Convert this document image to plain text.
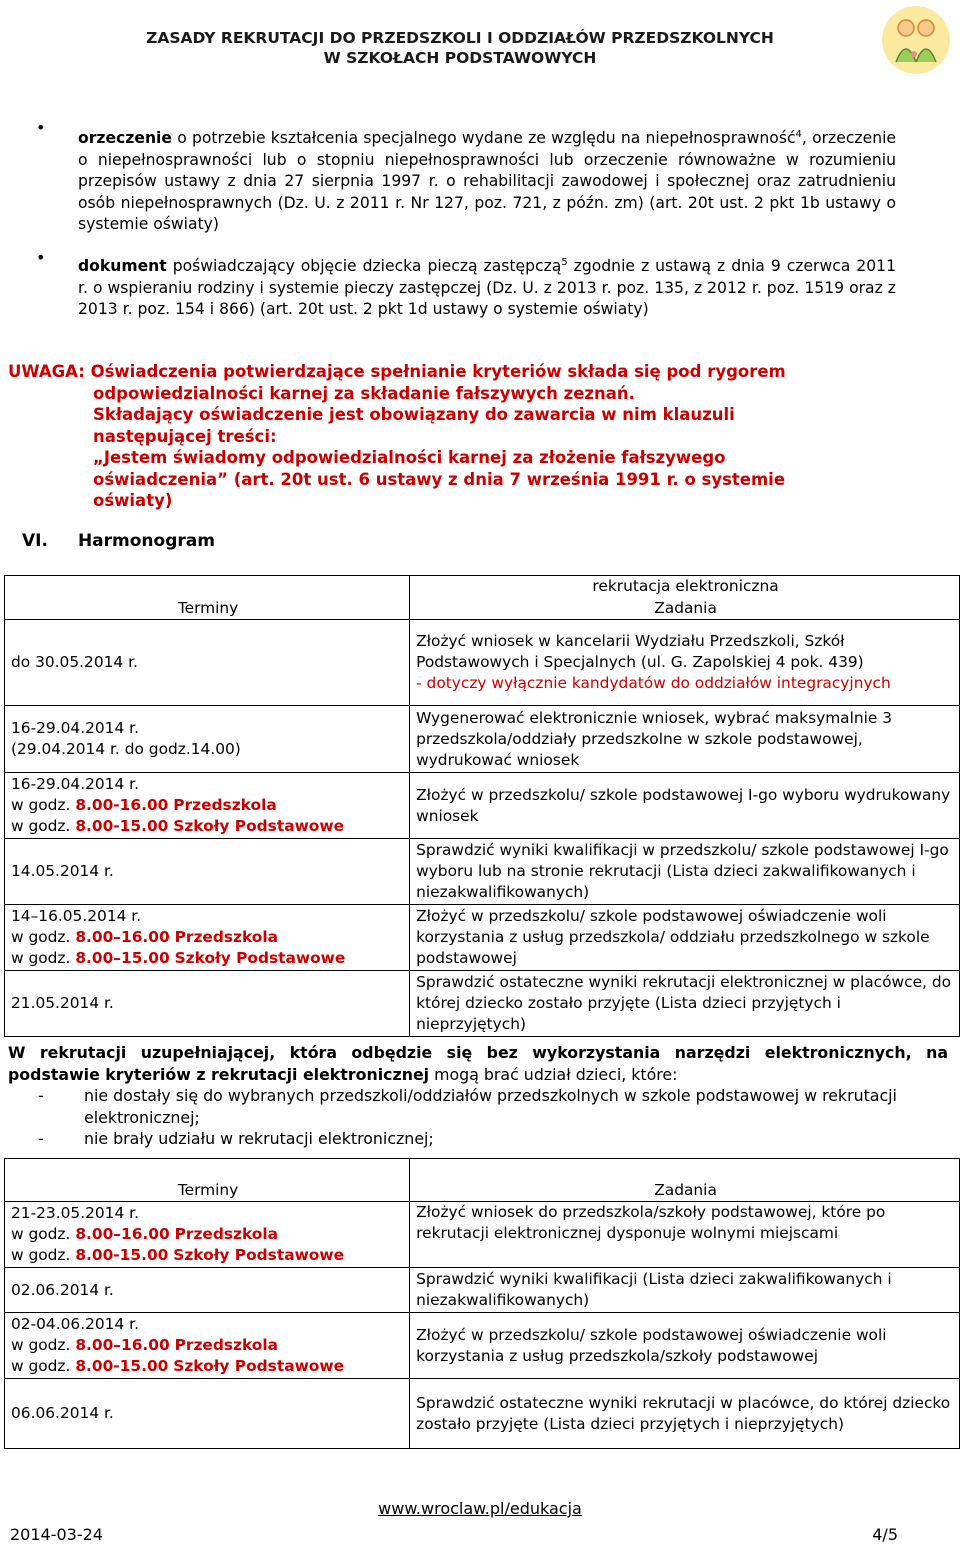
ZASADY REKRUTACJI DO PRZEDSZKOLI I ODDZIAŁÓW PRZEDSZKOLNYCH
W SZKOŁACH PODSTAWOWYCH
•
orzeczenie o potrzebie kształcenia specjalnego wydane ze względu na niepełnosprawność$^4$, orzeczenie o niepełnosprawności lub o stopniu niepełnosprawności lub orzeczenie równoważne w rozumieniu przepisów ustawy z dnia 27 sierpnia 1997 r. o rehabilitacji zawodowej i społecznej oraz zatrudnieniu osób niepełnosprawnych (Dz. U. z 2011 r. Nr 127, poz. 721, z późn. zm) (art. 20t ust. 2 pkt 1b ustawy o systemie oświaty)
• dokument poświadczający objęcie dziecka pieczą zastępczą$^5$ zgodnie z ustawą z dnia 9 czerwca 2011 r. o wspieraniu rodziny i systemie pieczy zastępczej (Dz. U. z 2013 r. poz. 135, z 2012 r. poz. 1519 oraz z 2013 r. poz. 154 i 866) (art. 20t ust. 2 pkt 1d ustawy o systemie oświaty)
UWAGA: Oświadczenia potwierdzające spełnianie kryteriów składa się pod rygorem
odpowiedzialności karnej za składanie fałszywych zeznań.
Składający oświadczenie jest obowiązany do zawarcia w nim klauzuli
następującej treści:
„Jestem świadomy odpowiedzialności karnej za złożenie fałszywego
oświadczenia” (art. 20t ust. 6 ustawy z dnia 7 września 1991 r. o systemie
oświaty)
VI. Harmonogram
	rekrutacja elektroniczna
Terminy	Zadania
do 30.05.2014 r.	Złożyć wniosek w kancelarii Wydziału Przedszkoli, Szkół Podstawowych i Specjalnych (ul. G. Zapolskiej 4 pok. 439)
- dotyczy wyłącznie kandydatów do oddziałów integracyjnych
16-29.04.2014 r.
(29.04.2014 r. do godz.14.00)	Wygenerować elektronicznie wniosek, wybrać maksymalnie 3 przedszkola/oddziały przedszkolne w szkole podstawowej, wydrukować wniosek
16-29.04.2014 r.
w godz. 8.00-16.00 Przedszkola
w godz. 8.00-15.00 Szkoły Podstawowe	Złożyć w przedszkolu/ szkole podstawowej I-go wyboru wydrukowany wniosek
14.05.2014 r.	Sprawdzić wyniki kwalifikacji w przedszkolu/ szkole podstawowej I-go wyboru lub na stronie rekrutacji (Lista dzieci zakwalifikowanych i niezakwalifikowanych)
14–16.05.2014 r.
w godz. 8.00–16.00 Przedszkola
w godz. 8.00–15.00 Szkoły Podstawowe	Złożyć w przedszkolu/ szkole podstawowej oświadczenie woli korzystania z usług przedszkola/ oddziału przedszkolnego w szkole podstawowej
21.05.2014 r.	Sprawdzić ostateczne wyniki rekrutacji elektronicznej w placówce, do której dziecko zostało przyjęte (Lista dzieci przyjętych i nieprzyjętych)
W rekrutacji uzupełniającej, która odbędzie się bez wykorzystania narzędzi elektronicznych, na podstawie kryteriów z rekrutacji elektronicznej mogą brać udział dzieci, które:
-	nie dostały się do wybranych przedszkoli/oddziałów przedszkolnych w szkole podstawowej w rekrutacji elektronicznej;
-	nie brały udziału w rekrutacji elektronicznej;
Terminy	Zadania
21-23.05.2014 r.
w godz. 8.00–16.00 Przedszkola
w godz. 8.00-15.00 Szkoły Podstawowe	Złożyć wniosek do przedszkola/szkoły podstawowej, które po rekrutacji elektronicznej dysponuje wolnymi miejscami
02.06.2014 r.	Sprawdzić wyniki kwalifikacji (Lista dzieci zakwalifikowanych i niezakwalifikowanych)
02-04.06.2014 r.
w godz. 8.00–16.00 Przedszkola
w godz. 8.00-15.00 Szkoły Podstawowe	Złożyć w przedszkolu/ szkole podstawowej oświadczenie woli korzystania z usług przedszkola/szkoły podstawowej
06.06.2014 r.	Sprawdzić ostateczne wyniki rekrutacji w placówce, do której dziecko zostało przyjęte (Lista dzieci przyjętych i nieprzyjętych)
www.wroclaw.pl/edukacja
2014-03-24	4/5
